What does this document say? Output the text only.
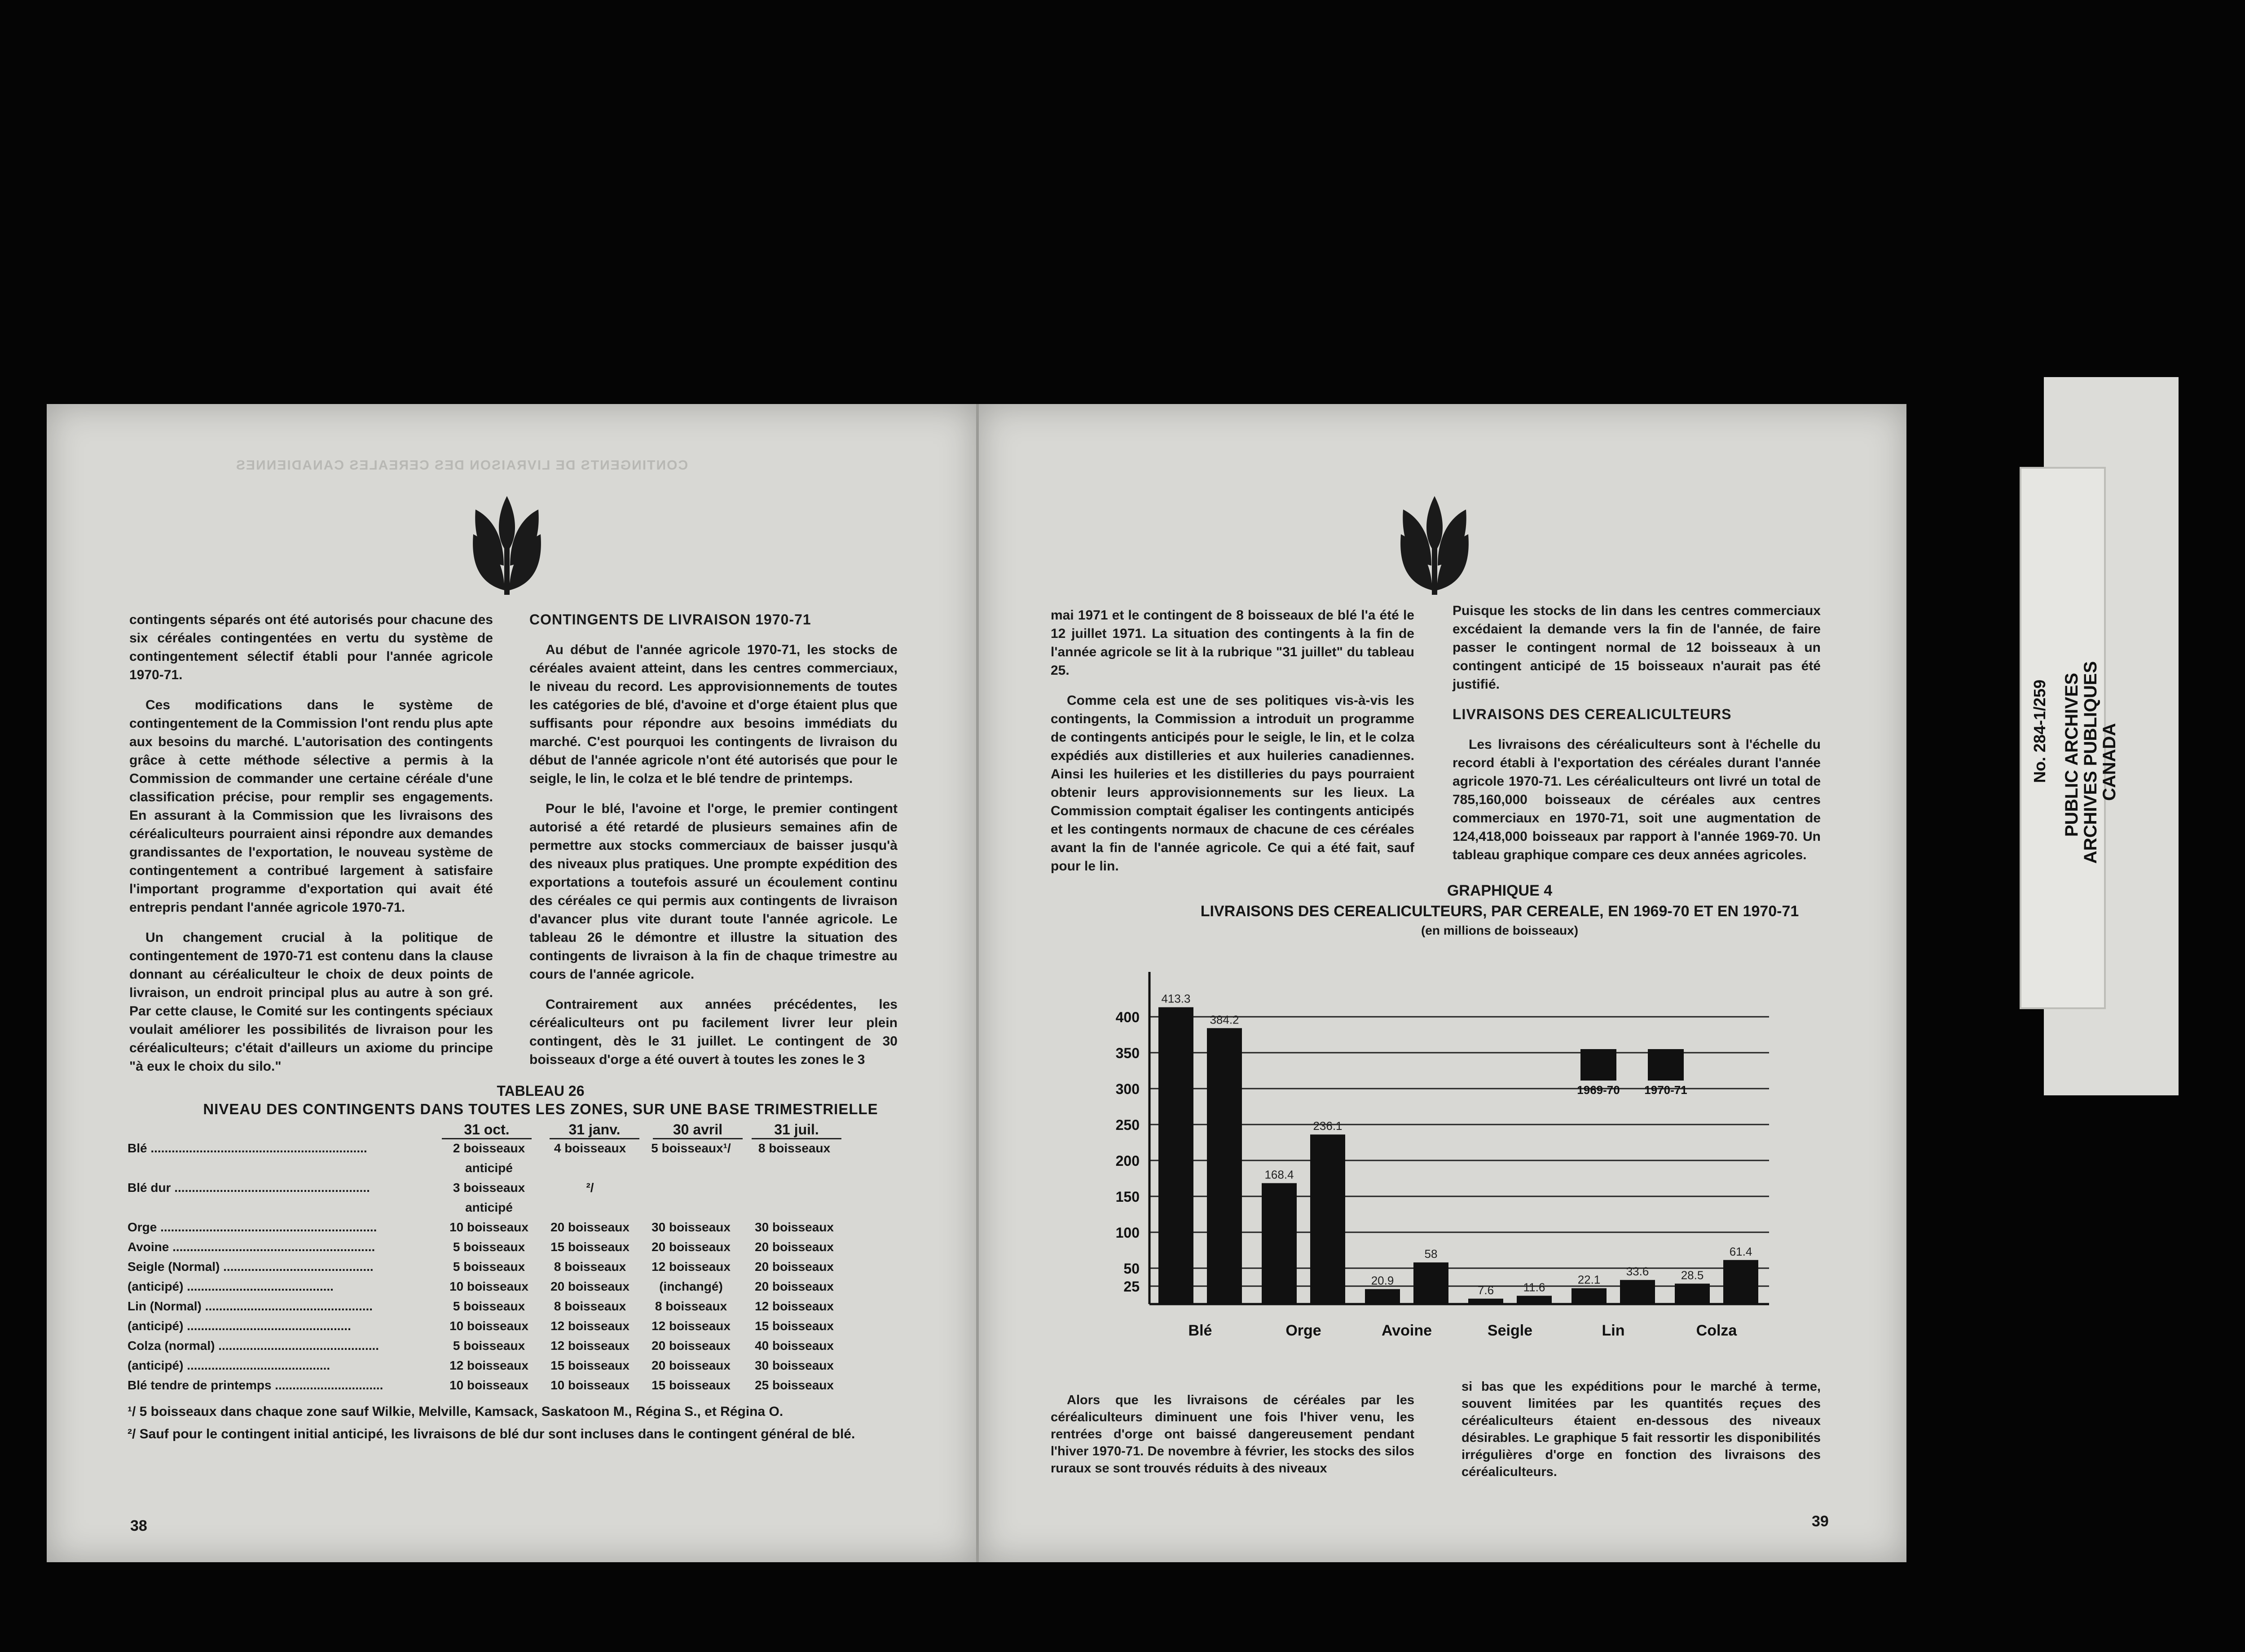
CONTINGENTS DE LIVRAISON DES CEREALES CANADIENNES

contingents séparés ont été autorisés pour chacune des six céréales contingentées en vertu du système de contingentement sélectif établi pour l'année agricole 1970-71.

Ces modifications dans le système de contingentement de la Commission l'ont rendu plus apte aux besoins du marché. L'autorisation des contingents grâce à cette méthode sélective a permis à la Commission de commander une certaine céréale d'une classification précise, pour remplir ses engagements. En assurant à la Commission que les livraisons des céréaliculteurs pourraient ainsi répondre aux demandes grandissantes de l'exportation, le nouveau système de contingentement a contribué largement à satisfaire l'important programme d'exportation qui avait été entrepris pendant l'année agricole 1970-71.

Un changement crucial à la politique de contingentement de 1970-71 est contenu dans la clause donnant au céréaliculteur le choix de deux points de livraison, un endroit principal plus au autre à son gré. Par cette clause, le Comité sur les contingents spéciaux voulait améliorer les possibilités de livraison pour les céréaliculteurs; c'était d'ailleurs un axiome du principe "à eux le choix du silo."

CONTINGENTS DE LIVRAISON 1970-71

Au début de l'année agricole 1970-71, les stocks de céréales avaient atteint, dans les centres commerciaux, le niveau du record. Les approvisionnements de toutes les catégories de blé, d'avoine et d'orge étaient plus que suffisants pour répondre aux besoins immédiats du marché. C'est pourquoi les contingents de livraison du début de l'année agricole n'ont été autorisés que pour le seigle, le lin, le colza et le blé tendre de printemps.

Pour le blé, l'avoine et l'orge, le premier contingent autorisé a été retardé de plusieurs semaines afin de permettre aux stocks commerciaux de baisser jusqu'à des niveaux plus pratiques. Une prompte expédition des exportations a toutefois assuré un écoulement continu des céréales ce qui permis aux contingents de livraison d'avancer plus vite durant toute l'année agricole. Le tableau 26 le démontre et illustre la situation des contingents de livraison à la fin de chaque trimestre au cours de l'année agricole.

Contrairement aux années précédentes, les céréaliculteurs ont pu facilement livrer leur plein contingent, dès le 31 juillet. Le contingent de 30 boisseaux d'orge a été ouvert à toutes les zones le 3

TABLEAU 26
NIVEAU DES CONTINGENTS DANS TOUTES LES ZONES, SUR UNE BASE TRIMESTRIELLE
31 oct.	31 janv.	30 avril	31 juil.
Blé ..............................................................	2 boisseaux	4 boisseaux	5 boisseaux¹/	8 boisseaux
anticipé
Blé dur ........................................................	3 boisseaux	²/
anticipé
Orge ..............................................................	10 boisseaux	20 boisseaux	30 boisseaux	30 boisseaux
Avoine ..........................................................	5 boisseaux	15 boisseaux	20 boisseaux	20 boisseaux
Seigle (Normal) ...........................................	5 boisseaux	8 boisseaux	12 boisseaux	20 boisseaux
(anticipé) ..........................................	10 boisseaux	20 boisseaux	(inchangé)	20 boisseaux
Lin (Normal) ................................................	5 boisseaux	8 boisseaux	8 boisseaux	12 boisseaux
(anticipé) ...............................................	10 boisseaux	12 boisseaux	12 boisseaux	15 boisseaux
Colza (normal) ..............................................	5 boisseaux	12 boisseaux	20 boisseaux	40 boisseaux
(anticipé) .........................................	12 boisseaux	15 boisseaux	20 boisseaux	30 boisseaux
Blé tendre de printemps ...............................	10 boisseaux	10 boisseaux	15 boisseaux	25 boisseaux
¹/ 5 boisseaux dans chaque zone sauf Wilkie, Melville, Kamsack, Saskatoon M., Régina S., et Régina O.
²/ Sauf pour le contingent initial anticipé, les livraisons de blé dur sont incluses dans le contingent général de blé.
38

mai 1971 et le contingent de 8 boisseaux de blé l'a été le 12 juillet 1971. La situation des contingents à la fin de l'année agricole se lit à la rubrique "31 juillet" du tableau 25.

Comme cela est une de ses politiques vis-à-vis les contingents, la Commission a introduit un programme de contingents anticipés pour le seigle, le lin, et le colza expédiés aux distilleries et aux huileries canadiennes. Ainsi les huileries et les distilleries du pays pourraient obtenir leurs approvisionnements sur les lieux. La Commission comptait égaliser les contingents anticipés et les contingents normaux de chacune de ces céréales avant la fin de l'année agricole. Ce qui a été fait, sauf pour le lin.

Puisque les stocks de lin dans les centres commerciaux excédaient la demande vers la fin de l'année, de faire passer le contingent normal de 12 boisseaux à un contingent anticipé de 15 boisseaux n'aurait pas été justifié.

LIVRAISONS DES CEREALICULTEURS

Les livraisons des céréaliculteurs sont à l'échelle du record établi à l'exportation des céréales durant l'année agricole 1970-71. Les céréaliculteurs ont livré un total de 785,160,000 boisseaux de céréales aux centres commerciaux en 1970-71, soit une augmentation de 124,418,000 boisseaux par rapport à l'année 1969-70. Un tableau graphique compare ces deux années agricoles.

GRAPHIQUE 4
LIVRAISONS DES CEREALICULTEURS, PAR CEREALE, EN 1969-70 ET EN 1970-71
(en millions de boisseaux)
25
50
100
150
200
250
300
350
400
413.3
384.2
Blé
168.4
236.1
Orge
20.9
58
Avoine
7.6	11.6
Seigle
22.1
33.6
Lin
28.5
61.4
Colza
1969-70 1970-71

Alors que les livraisons de céréales par les céréaliculteurs diminuent une fois l'hiver venu, les rentrées d'orge ont baissé dangereusement pendant l'hiver 1970-71. De novembre à février, les stocks des silos ruraux se sont trouvés réduits à des niveaux

si bas que les expéditions pour le marché à terme, souvent limitées par les quantités reçues des céréaliculteurs étaient en-dessous des niveaux désirables. Le graphique 5 fait ressortir les disponibilités irrégulières d'orge en fonction des livraisons des céréaliculteurs.

39
No. 284-1/259 PUBLIC ARCHIVES
ARCHIVES PUBLIQUES
CANADA
